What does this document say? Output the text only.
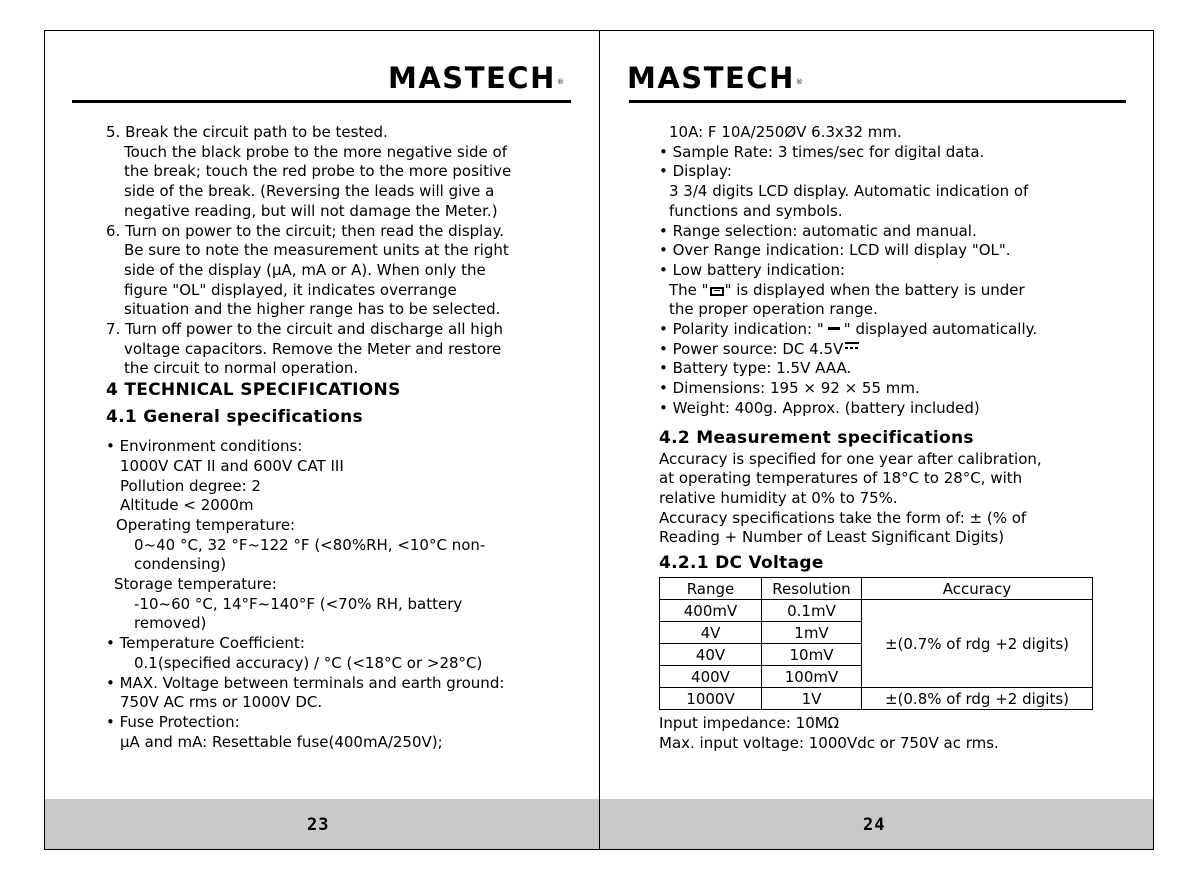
MASTECH®
5. Break the circuit path to be tested.
Touch the black probe to the more negative side of
the break; touch the red probe to the more positive
side of the break. (Reversing the leads will give a
negative reading, but will not damage the Meter.)
6. Turn on power to the circuit; then read the display.
Be sure to note the measurement units at the right
side of the display (µA, mA or A). When only the
figure "OL" displayed, it indicates overrange
situation and the higher range has to be selected.
7. Turn off power to the circuit and discharge all high
voltage capacitors. Remove the Meter and restore
the circuit to normal operation.
4 TECHNICAL SPECIFICATIONS
4.1 General specifications
• Environment conditions:
1000V CAT II and 600V CAT III
Pollution degree: 2
Altitude < 2000m
Operating temperature:
0~40 °C, 32 °F~122 °F (<80%RH, <10°C non-
condensing)
Storage temperature:
-10~60 °C, 14°F~140°F (<70% RH, battery
removed)
• Temperature Coefficient:
0.1(specified accuracy) / °C (<18°C or >28°C)
• MAX. Voltage between terminals and earth ground:
750V AC rms or 1000V DC.
• Fuse Protection:
µA and mA: Resettable fuse(400mA/250V);
23
MASTECH®
10A: F 10A/250ØV 6.3x32 mm.
• Sample Rate: 3 times/sec for digital data.
• Display:
3 3/4 digits LCD display. Automatic indication of
functions and symbols.
• Range selection: automatic and manual.
• Over Range indication: LCD will display "OL".
• Low battery indication:
The " " is displayed when the battery is under
the proper operation range.
• Polarity indication: " " displayed automatically.
• Power source: DC 4.5V
• Battery type: 1.5V AAA.
• Dimensions: 195 × 92 × 55 mm.
• Weight: 400g. Approx. (battery included)
4.2 Measurement specifications
Accuracy is specified for one year after calibration,
at operating temperatures of 18°C to 28°C, with
relative humidity at 0% to 75%.
Accuracy specifications take the form of: ± (% of
Reading + Number of Least Significant Digits)
4.2.1 DC Voltage
Range	Resolution	Accuracy
400mV	0.1mV	±(0.7% of rdg +2 digits)
4V	1mV	
40V	10mV	
400V	100mV	
1000V	1V	±(0.8% of rdg +2 digits)
Input impedance: 10MΩ
Max. input voltage: 1000Vdc or 750V ac rms.
24
